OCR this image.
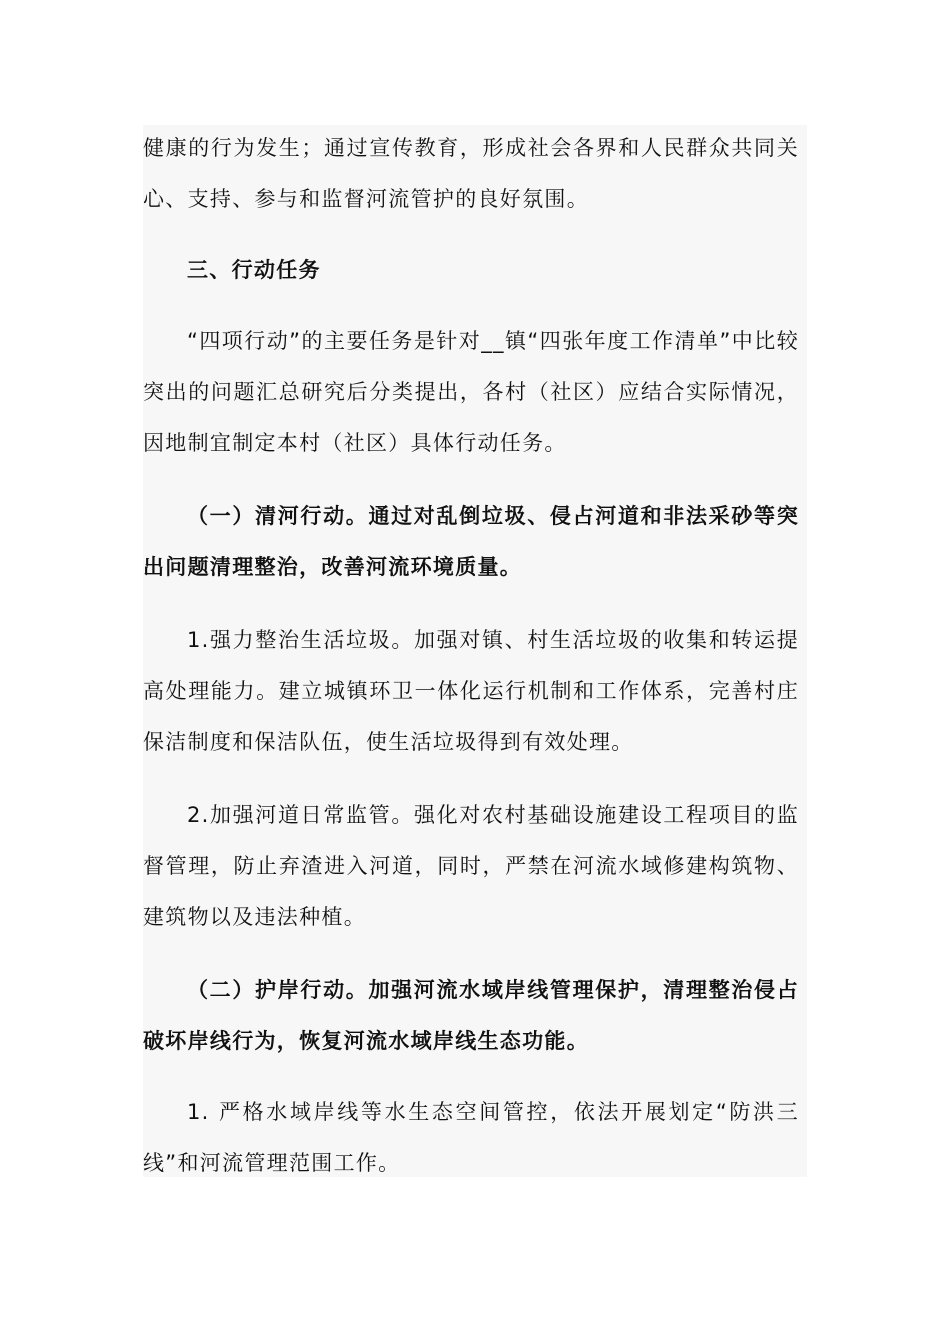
健康的行为发生；通过宣传教育，形成社会各界和人民群众共同关心、支持、参与和监督河流管护的良好氛围。

三、行动任务

“四项行动”的主要任务是针对__镇“四张年度工作清单”中比较突出的问题汇总研究后分类提出，各村（社区）应结合实际情况，因地制宜制定本村（社区）具体行动任务。

（一）清河行动。通过对乱倒垃圾、侵占河道和非法采砂等突出问题清理整治，改善河流环境质量。

1.强力整治生活垃圾。加强对镇、村生活垃圾的收集和转运提高处理能力。建立城镇环卫一体化运行机制和工作体系，完善村庄保洁制度和保洁队伍，使生活垃圾得到有效处理。

2.加强河道日常监管。强化对农村基础设施建设工程项目的监督管理，防止弃渣进入河道，同时，严禁在河流水域修建构筑物、建筑物以及违法种植。

（二）护岸行动。加强河流水域岸线管理保护，清理整治侵占破坏岸线行为，恢复河流水域岸线生态功能。

1. 严格水域岸线等水生态空间管控，依法开展划定“防洪三线”和河流管理范围工作。
